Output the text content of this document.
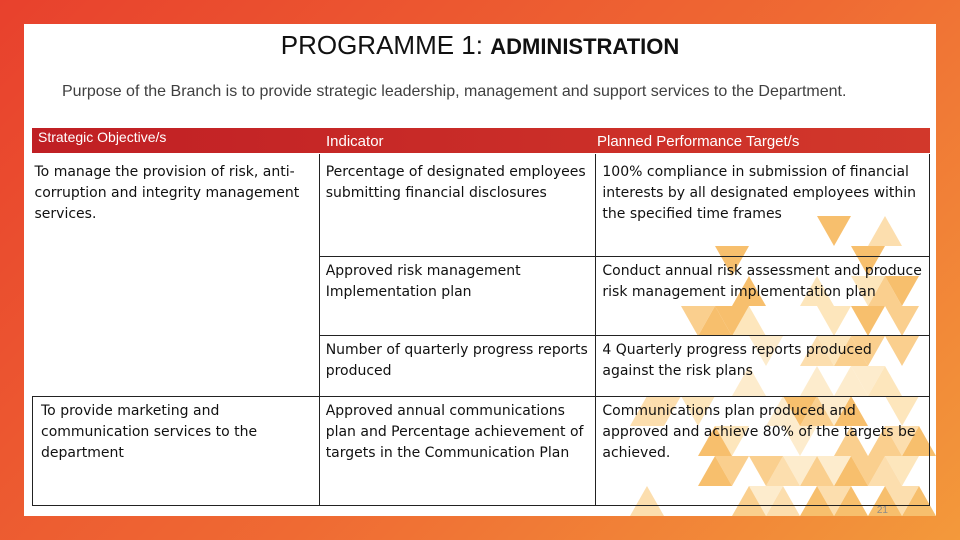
PROGRAMME 1: ADMINISTRATION
Purpose of the Branch is to provide strategic leadership, management and support services to the Department.
Strategic Objective/s	Indicator	Planned Performance Target/s
To manage the provision of risk, anti-corruption and integrity management services.	Percentage of designated employees submitting financial disclosures	100% compliance in submission of financial interests by all designated employees within the specified time frames
	Approved risk management Implementation plan	Conduct annual risk assessment and produce risk management implementation plan
	Number of quarterly progress reports produced	4 Quarterly progress reports produced against the risk plans
To provide marketing and communication services to the department	Approved annual communications plan and Percentage achievement of targets in the Communication Plan	Communications plan produced and approved and achieve 80% of the targets be achieved.
21
